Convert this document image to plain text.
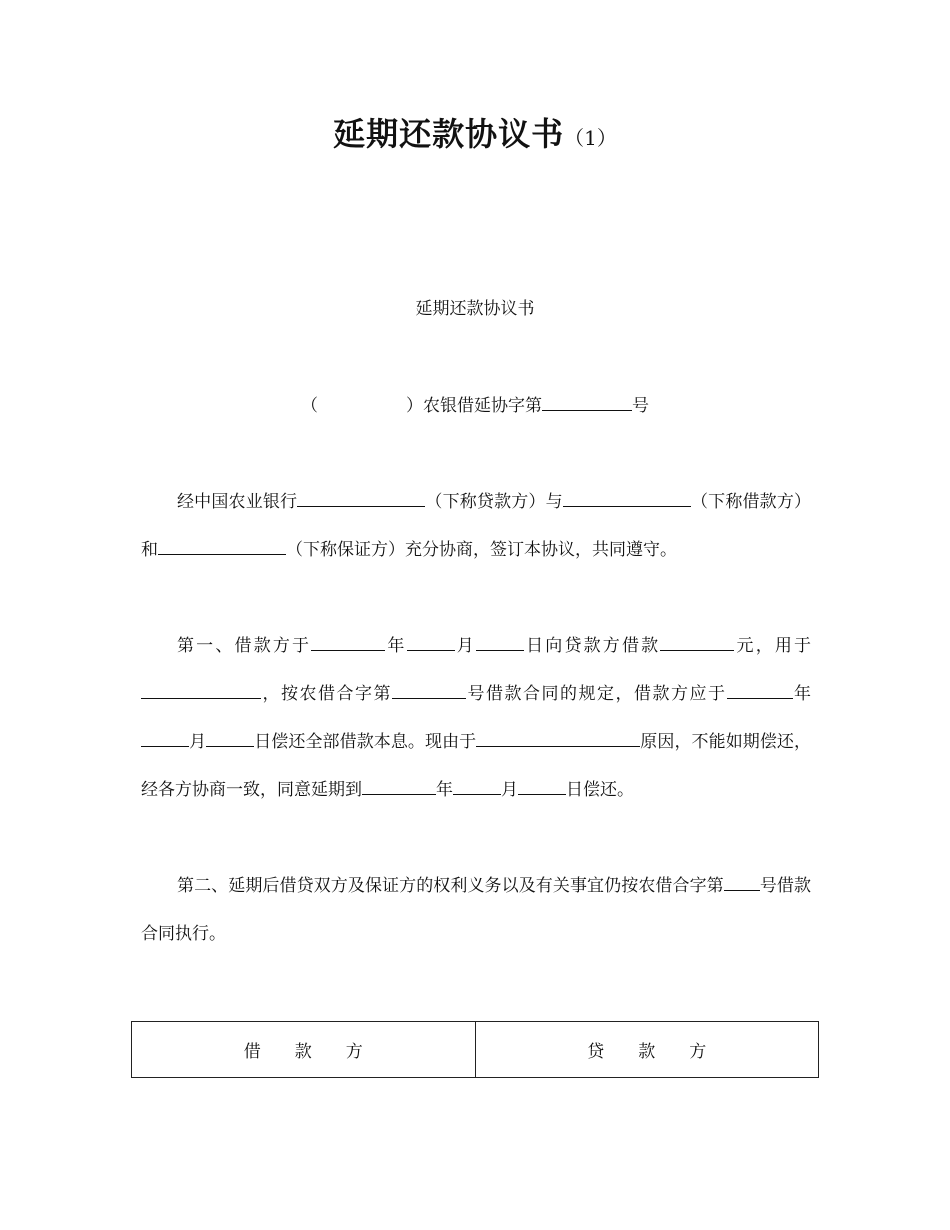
延期还款协议书（1）
延期还款协议书
（	）农银借延协字第	号

经中国农业银行	（下称贷款方）与	（下称借款方）和	（下称保证方）充分协商，签订本协议，共同遵守。

第一、借款方于	年	月	日向贷款方借款	元，用于，按农借合字第	号借款合同的规定，借款方应于	年月	日偿还全部借款本息。现由于	原因，不能如期偿还，经各方协商一致，同意延期到	年	月	日偿还。

第二、延期后借贷双方及保证方的权利义务以及有关事宜仍按农借合字第 号借款合同执行。

借　　款　　方	贷　　款　　方
